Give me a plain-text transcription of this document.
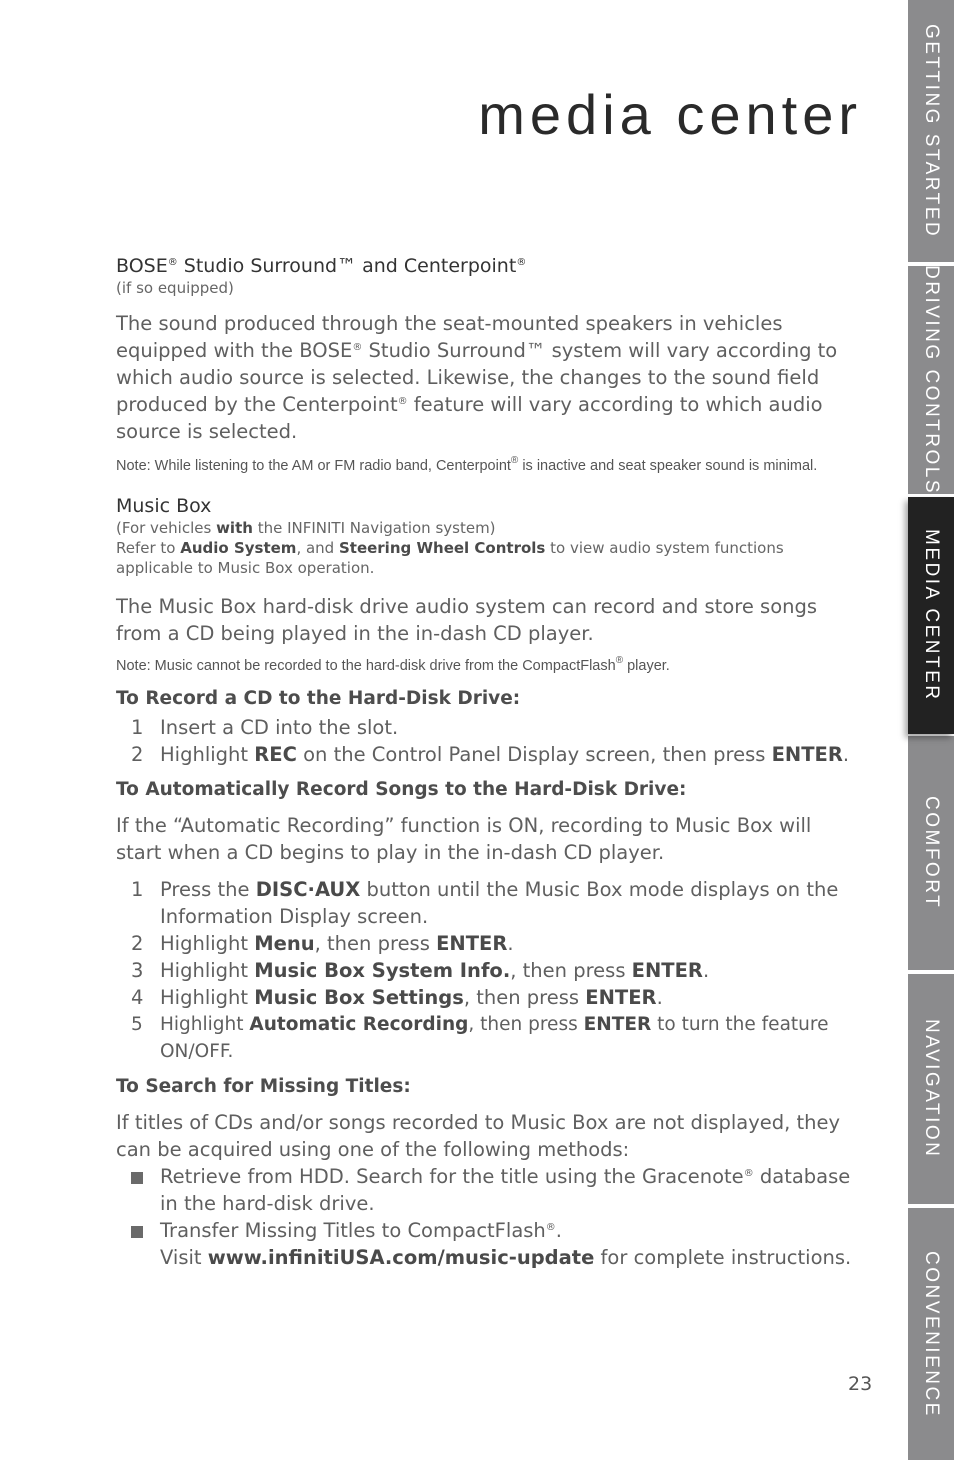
media center
BOSE® Studio Surround™ and Centerpoint®
(if so equipped)

The sound produced through the seat-mounted speakers in vehicles equipped with the BOSE® Studio Surround™ system will vary according to which audio source is selected. Likewise, the changes to the sound field produced by the Centerpoint® feature will vary according to which audio source is selected.

Note: While listening to the AM or FM radio band, Centerpoint® is inactive and seat speaker sound is minimal.

Music Box
(For vehicles with the INFINITI Navigation system)
Refer to Audio System, and Steering Wheel Controls to view audio system functions applicable to Music Box operation.

The Music Box hard-disk drive audio system can record and store songs from a CD being played in the in-dash CD player.

Note: Music cannot be recorded to the hard-disk drive from the CompactFlash® player.

To Record a CD to the Hard-Disk Drive:
1 Insert a CD into the slot.
2 Highlight REC on the Control Panel Display screen, then press ENTER.
To Automatically Record Songs to the Hard-Disk Drive:

If the “Automatic Recording” function is ON, recording to Music Box will start when a CD begins to play in the in-dash CD player.

1 Press the DISC·AUX button until the Music Box mode displays on the Information Display screen.
2 Highlight Menu, then press ENTER.
3 Highlight Music Box System Info., then press ENTER.
4 Highlight Music Box Settings, then press ENTER.
5 Highlight Automatic Recording, then press ENTER to turn the feature ON/OFF.
To Search for Missing Titles:

If titles of CDs and/or songs recorded to Music Box are not displayed, they can be acquired using one of the following methods:

Retrieve from HDD. Search for the title using the Gracenote® database in the hard-disk drive.
Transfer Missing Titles to CompactFlash®.
Visit www.infinitiUSA.com/music-update for complete instructions.
23
GETTING STARTED
DRIVING CONTROLS
MEDIA CENTER
COMFORT
NAVIGATION
CONVENIENCE
